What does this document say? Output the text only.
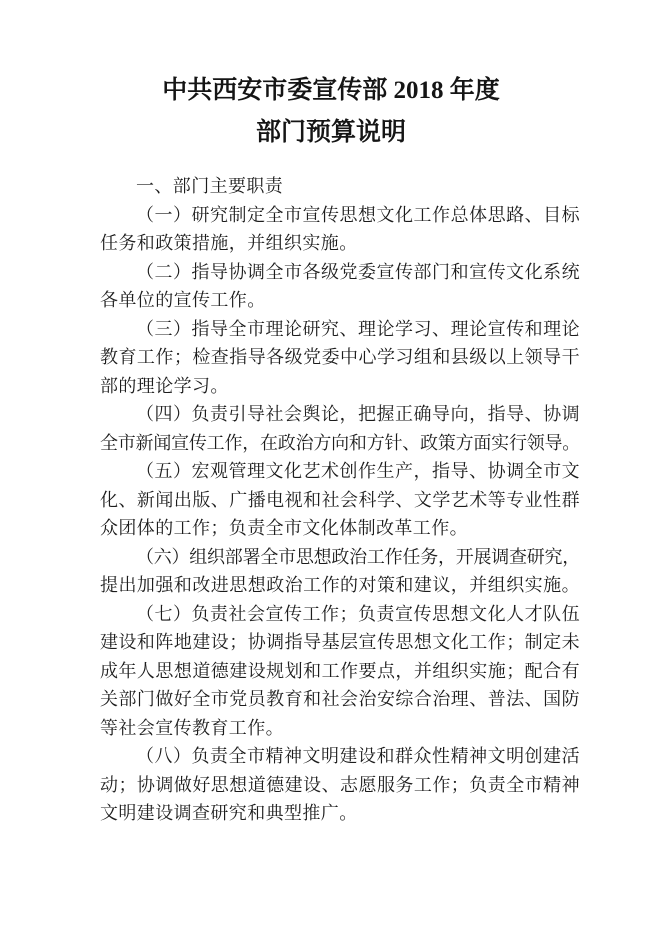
中共西安市委宣传部 2018 年度
部门预算说明
一、部门主要职责
（一）研究制定全市宣传思想文化工作总体思路、目标
任务和政策措施，并组织实施。
（二）指导协调全市各级党委宣传部门和宣传文化系统
各单位的宣传工作。
（三）指导全市理论研究、理论学习、理论宣传和理论
教育工作；检查指导各级党委中心学习组和县级以上领导干
部的理论学习。
（四）负责引导社会舆论，把握正确导向，指导、协调
全市新闻宣传工作，在政治方向和方针、政策方面实行领导。
（五）宏观管理文化艺术创作生产，指导、协调全市文
化、新闻出版、广播电视和社会科学、文学艺术等专业性群
众团体的工作；负责全市文化体制改革工作。
（六）组织部署全市思想政治工作任务，开展调查研究，
提出加强和改进思想政治工作的对策和建议，并组织实施。
（七）负责社会宣传工作；负责宣传思想文化人才队伍
建设和阵地建设；协调指导基层宣传思想文化工作；制定未
成年人思想道德建设规划和工作要点，并组织实施；配合有
关部门做好全市党员教育和社会治安综合治理、普法、国防
等社会宣传教育工作。
（八）负责全市精神文明建设和群众性精神文明创建活
动；协调做好思想道德建设、志愿服务工作；负责全市精神
文明建设调查研究和典型推广。
